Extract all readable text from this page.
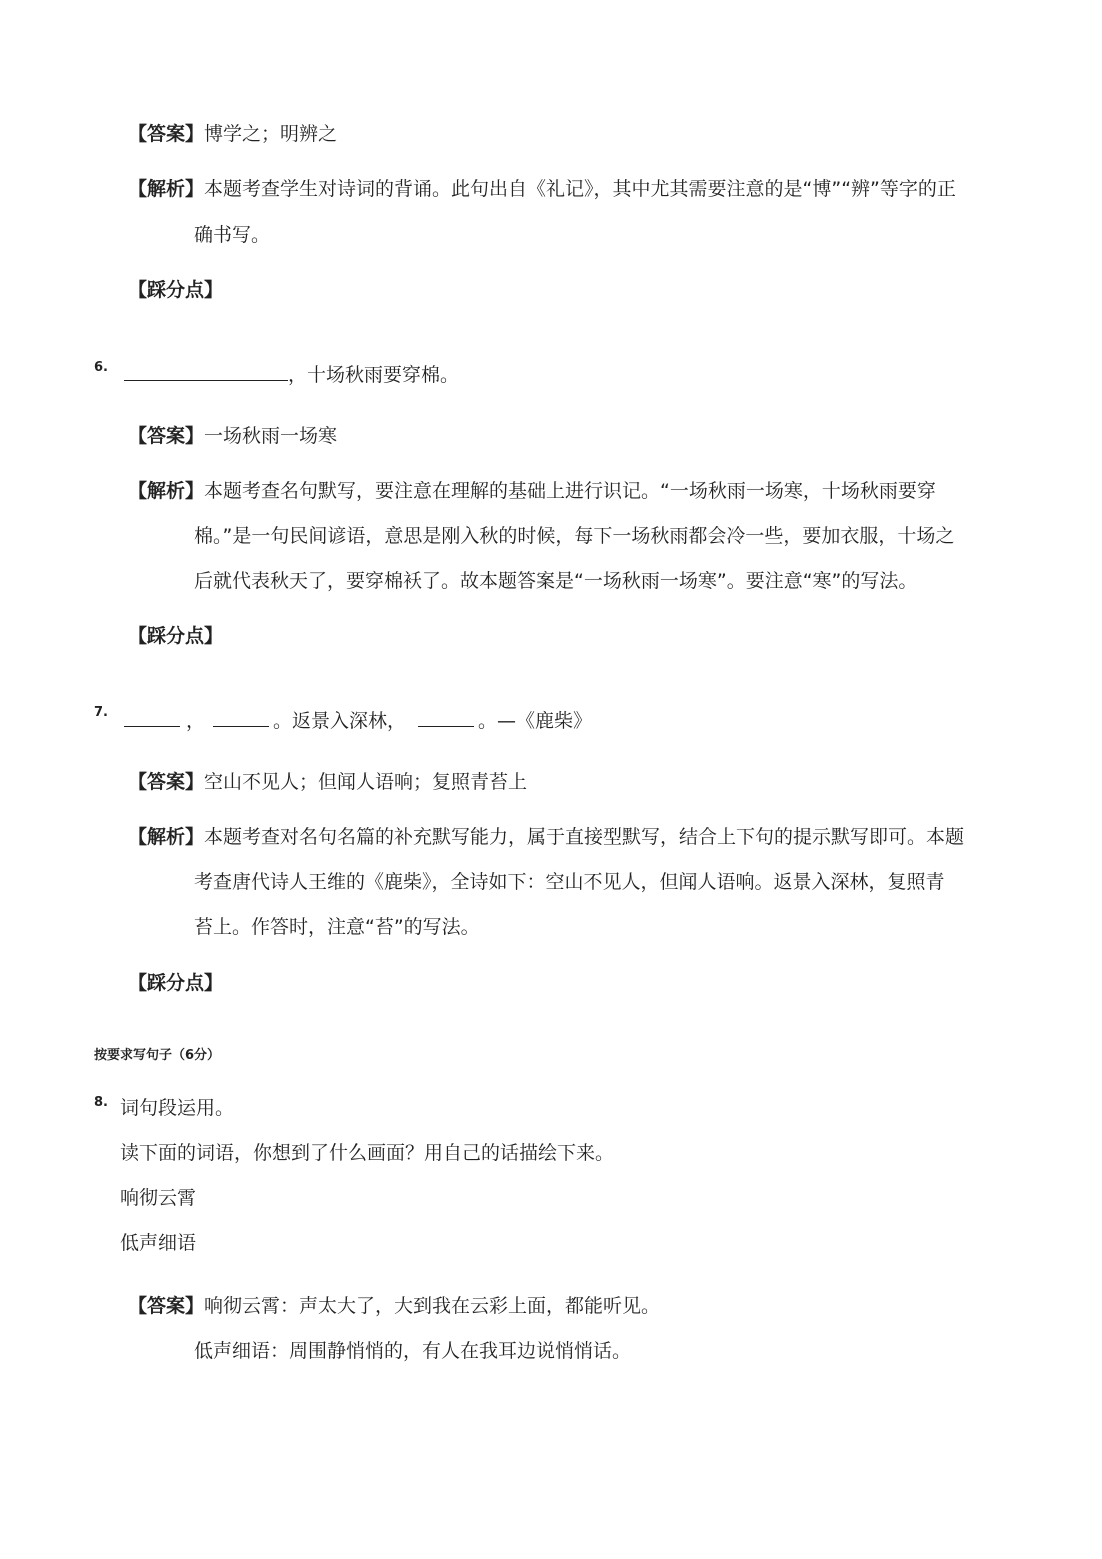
【答案】博学之；明辨之
【解析】本题考查学生对诗词的背诵。此句出自《礼记》，其中尤其需要注意的是“博”“辨”等字的正
确书写。
【踩分点】
6.	，十场秋雨要穿棉。
【答案】一场秋雨一场寒
【解析】本题考查名句默写，要注意在理解的基础上进行识记。“一场秋雨一场寒，十场秋雨要穿
棉。”是一句民间谚语，意思是刚入秋的时候，每下一场秋雨都会冷一些，要加衣服，十场之
后就代表秋天了，要穿棉袄了。故本题答案是“一场秋雨一场寒”。要注意“寒”的写法。
【踩分点】
7.	，	。返景入深林，	。—《鹿柴》
【答案】空山不见人；但闻人语响；复照青苔上
【解析】本题考查对名句名篇的补充默写能力，属于直接型默写，结合上下句的提示默写即可。本题
考查唐代诗人王维的《鹿柴》，全诗如下：空山不见人，但闻人语响。返景入深林，复照青
苔上。作答时，注意“苔”的写法。
【踩分点】
按要求写句子（6分）
8. 词句段运用。
读下面的词语，你想到了什么画面？用自己的话描绘下来。
响彻云霄
低声细语
【答案】响彻云霄：声太大了，大到我在云彩上面，都能听见。
低声细语：周围静悄悄的，有人在我耳边说悄悄话。
